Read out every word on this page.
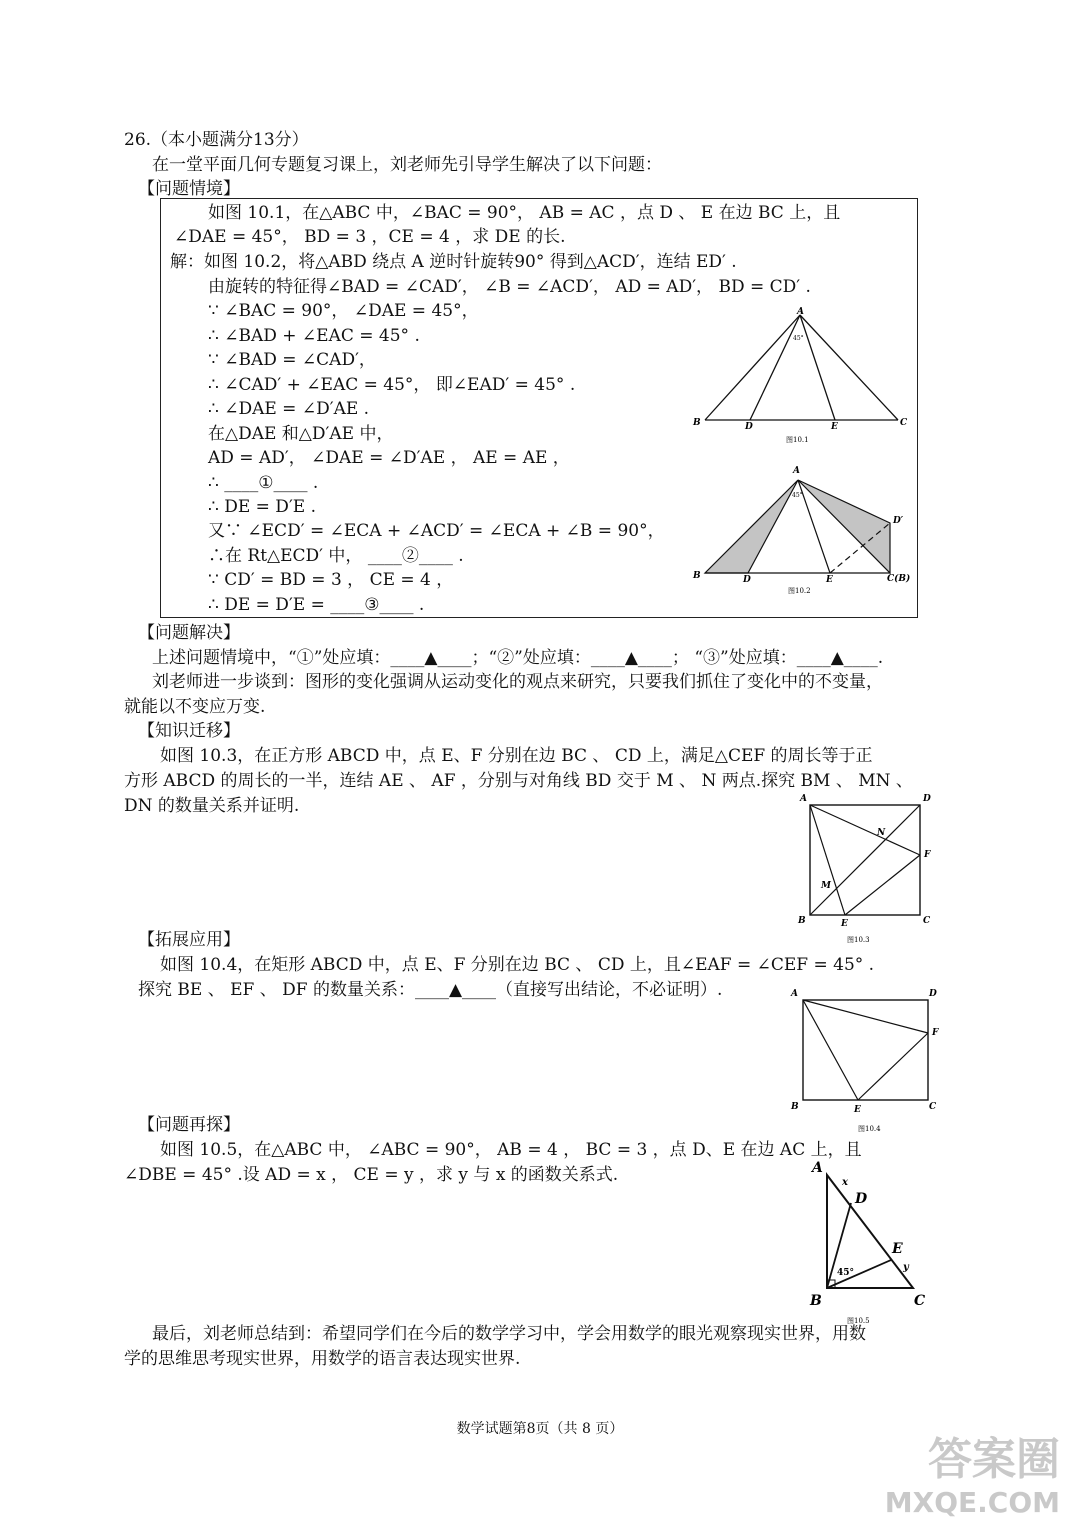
26.（本小题满分13分）
在一堂平面几何专题复习课上，刘老师先引导学生解决了以下问题：
【问题情境】
如图 10.1，在△ABC 中，∠BAC = 90°， AB = AC ，点 D 、 E 在边 BC 上，且
∠DAE = 45°， BD = 3 ，CE = 4 ，求 DE 的长.
解：如图 10.2，将△ABD 绕点 A 逆时针旋转90° 得到△ACD′，连结 ED′ .
由旋转的特征得∠BAD = ∠CAD′， ∠B = ∠ACD′， AD = AD′， BD = CD′ .
∵ ∠BAC = 90°， ∠DAE = 45°，
∴ ∠BAD + ∠EAC = 45° .
∵ ∠BAD = ∠CAD′，
∴ ∠CAD′ + ∠EAC = 45°， 即∠EAD′ = 45° .
∴ ∠DAE = ∠D′AE .
在△DAE 和△D′AE 中，
AD = AD′， ∠DAE = ∠D′AE ， AE = AE ，
∴ ____①____ .
∴ DE = D′E .
又∵ ∠ECD′ = ∠ECA + ∠ACD′ = ∠ECA + ∠B = 90°，
∴在 Rt△ECD′ 中， ____②____ .
∵ CD′ = BD = 3 ， CE = 4 ，
∴ DE = D′E = ____③____ .
A
45°
B	C
D	E
图10.1
A
45°
B	C(B)
D	E
D′
图10.2
【问题解决】
上述问题情境中，“①”处应填：____▲____；“②”处应填：____▲____； “③”处应填：____▲____.
刘老师进一步谈到：图形的变化强调从运动变化的观点来研究，只要我们抓住了变化中的不变量，
就能以不变应万变.
【知识迁移】
如图 10.3，在正方形 ABCD 中，点 E、F 分别在边 BC 、 CD 上，满足△CEF 的周长等于正
方形 ABCD 的周长的一半，连结 AE 、 AF ，分别与对角线 BD 交于 M 、 N 两点.探究 BM 、 MN 、
DN 的数量关系并证明.	A	D
B	C
E
F
M
N
图10.3
【拓展应用】
如图 10.4，在矩形 ABCD 中，点 E、F 分别在边 BC 、 CD 上，且∠EAF = ∠CEF = 45° .
探究 BE 、 EF 、 DF 的数量关系：____▲____（直接写出结论，不必证明）.	A	D
B	C
E
F
图10.4
【问题再探】
如图 10.5，在△ABC 中， ∠ABC = 90°， AB = 4 ， BC = 3 ，点 D、E 在边 AC 上，且
∠DBE = 45° .设 AD = x ， CE = y ，求 y 与 x 的函数关系式.	A
B	C
D
E
x
y
45°
图10.5
最后，刘老师总结到：希望同学们在今后的数学学习中，学会用数学的眼光观察现实世界，用数
学的思维思考现实世界，用数学的语言表达现实世界.
数学试题第8页（共 8 页）
答案圈
MXQE.COM
